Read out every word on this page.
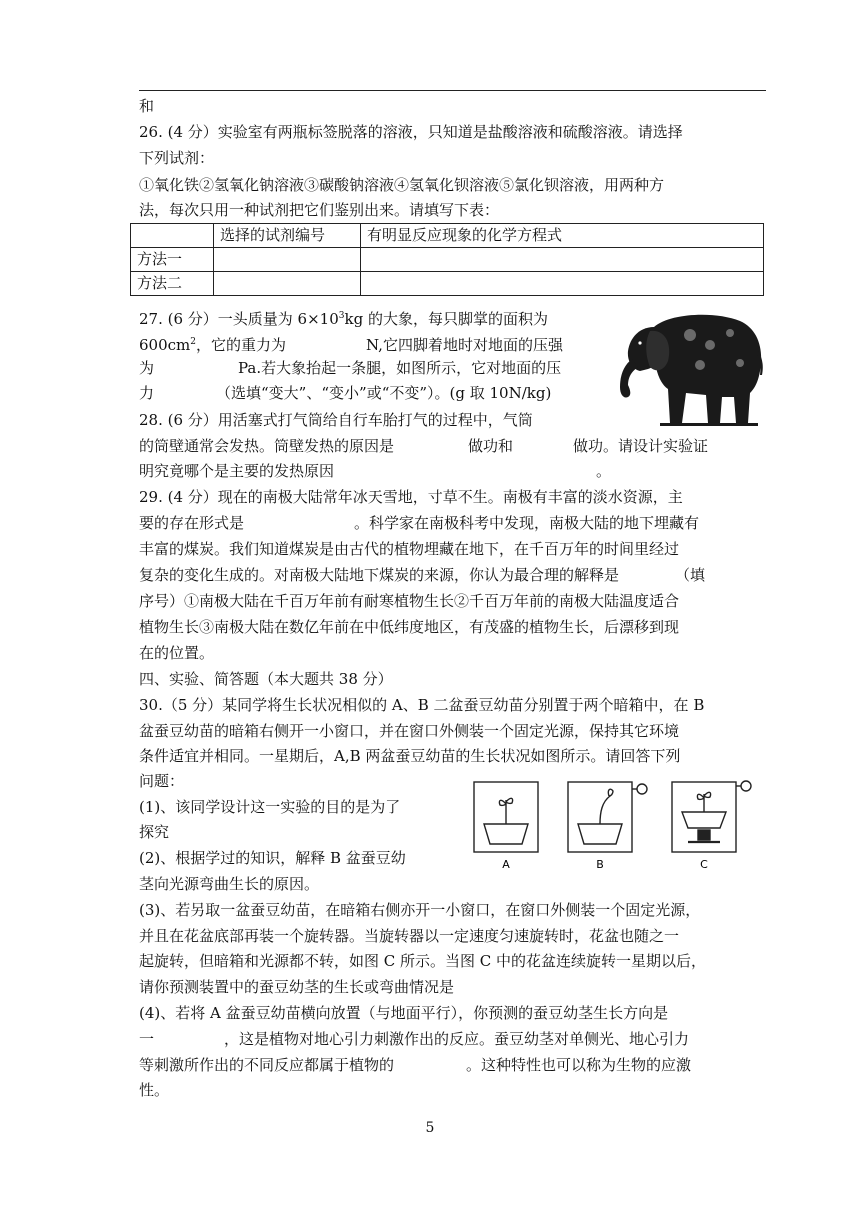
和
26. (4 分）实验室有两瓶标签脱落的溶液，只知道是盐酸溶液和硫酸溶液。请选择
下列试剂：
①氧化铁②氢氧化钠溶液③碳酸钠溶液④氢氧化钡溶液⑤氯化钡溶液，用两种方
法，每次只用一种试剂把它们鉴别出来。请填写下表：
	选择的试剂编号	有明显反应现象的化学方程式
方法一		
方法二		
27. (6 分）一头质量为 $6\times 10^3kg$ 的大象，每只脚掌的面积为
$600cm^2$，它的重力为	N,它四脚着地时对地面的压强
为	Pa.若大象抬起一条腿，如图所示，它对地面的压
力	（选填“变大”、“变小”或“不变”）。(g 取 10N/kg)
28. (6 分）用活塞式打气筒给自行车胎打气的过程中，气筒
的筒壁通常会发热。筒壁发热的原因是	做功和	做功。请设计实验证
明究竟哪个是主要的发热原因	。
29. (4 分）现在的南极大陆常年冰天雪地，寸草不生。南极有丰富的淡水资源，主
要的存在形式是	。科学家在南极科考中发现，南极大陆的地下埋藏有
丰富的煤炭。我们知道煤炭是由古代的植物埋藏在地下，在千百万年的时间里经过
复杂的变化生成的。对南极大陆地下煤炭的来源，你认为最合理的解释是	（填
序号）①南极大陆在千百万年前有耐寒植物生长②千百万年前的南极大陆温度适合
植物生长③南极大陆在数亿年前在中低纬度地区，有茂盛的植物生长，后漂移到现
在的位置。
四、实验、简答题（本大题共 38 分）
30.（5 分）某同学将生长状况相似的 A、B 二盆蚕豆幼苗分别置于两个暗箱中，在 B
盆蚕豆幼苗的暗箱右侧开一小窗口，并在窗口外侧装一个固定光源，保持其它环境
条件适宜并相同。一星期后，A,B 两盆蚕豆幼苗的生长状况如图所示。请回答下列
问题：
(1)、该同学设计这一实验的目的是为了
探究
(2)、根据学过的知识，解释 B 盆蚕豆幼
茎向光源弯曲生长的原因。
A	B	C
(3)、若另取一盆蚕豆幼苗，在暗箱右侧亦开一小窗口，在窗口外侧装一个固定光源，
并且在花盆底部再装一个旋转器。当旋转器以一定速度匀速旋转时，花盆也随之一
起旋转，但暗箱和光源都不转，如图 C 所示。当图 C 中的花盆连续旋转一星期以后，
请你预测装置中的蚕豆幼茎的生长或弯曲情况是
(4)、若将 A 盆蚕豆幼苗横向放置（与地面平行），你预测的蚕豆幼茎生长方向是
一	，这是植物对地心引力刺激作出的反应。蚕豆幼茎对单侧光、地心引力
等刺激所作出的不同反应都属于植物的	。这种特性也可以称为生物的应激
性。
5
